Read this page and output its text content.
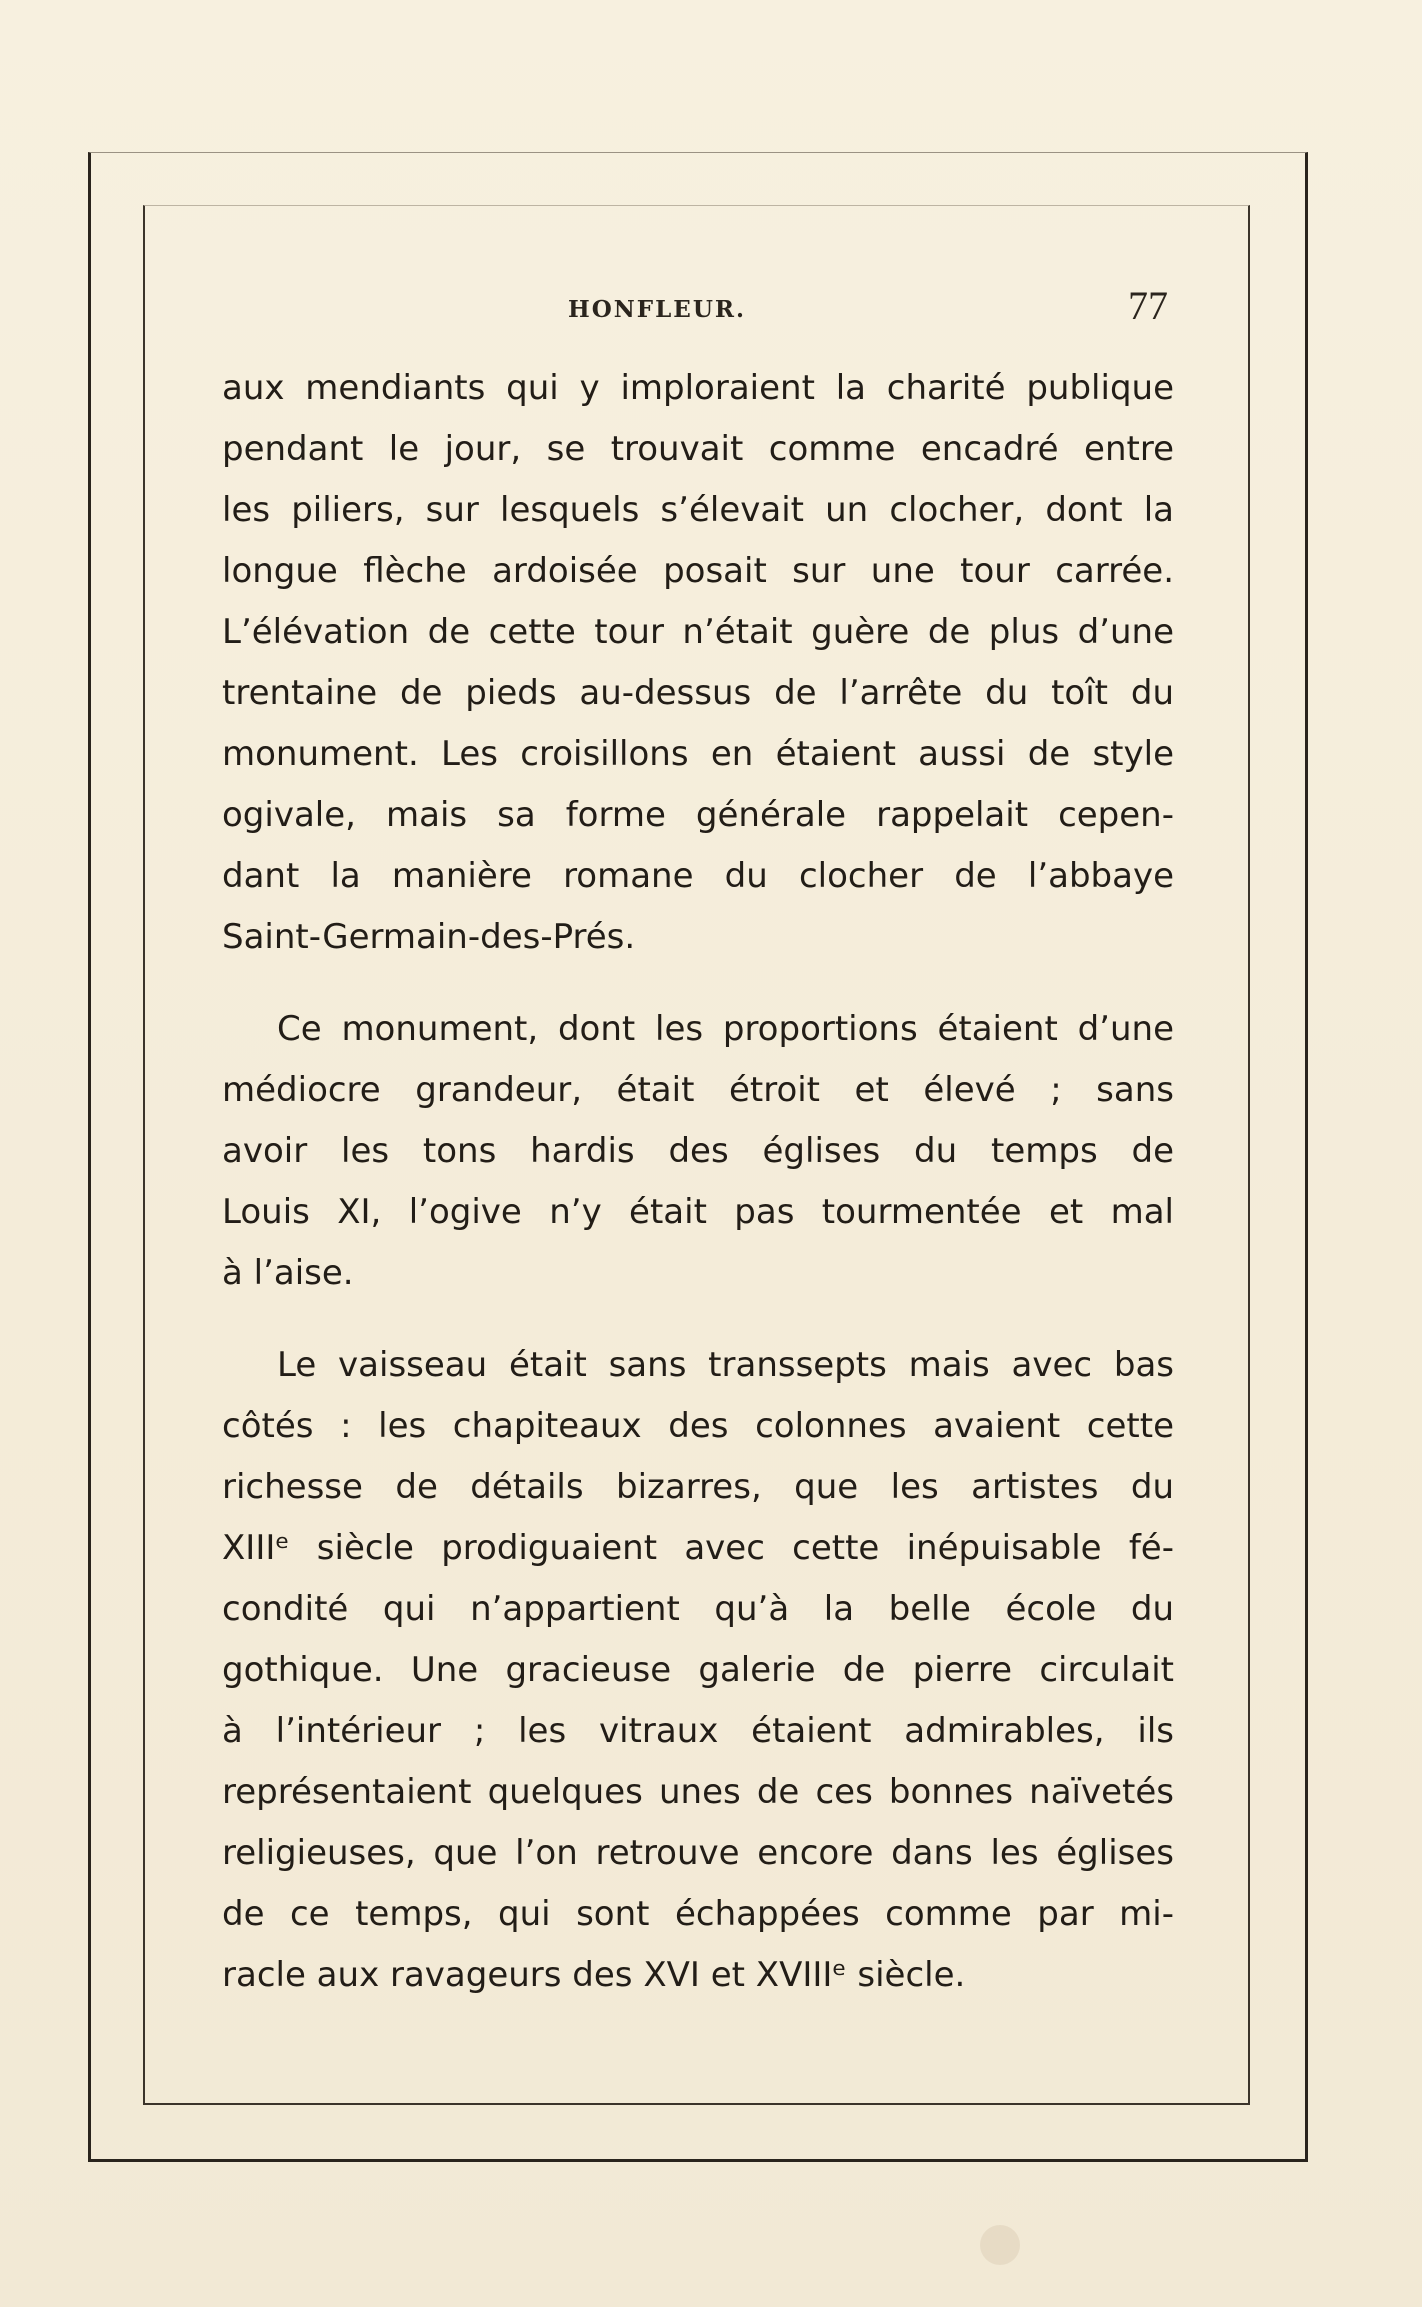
HONFLEUR.	77
aux mendiants qui y imploraient la charité publique
pendant le jour, se trouvait comme encadré entre
les piliers, sur lesquels s’élevait un clocher, dont la
longue flèche ardoisée posait sur une tour carrée.
L’élévation de cette tour n’était guère de plus d’une
trentaine de pieds au-dessus de l’arrête du toît du
monument. Les croisillons en étaient aussi de style
ogivale, mais sa forme générale rappelait cepen-
dant la manière romane du clocher de l’abbaye
Saint-Germain-des-Prés.
Ce monument, dont les proportions étaient d’une
médiocre grandeur, était étroit et élevé ; sans
avoir les tons hardis des églises du temps de
Louis XI, l’ogive n’y était pas tourmentée et mal
à l’aise.
Le vaisseau était sans transsepts mais avec bas
côtés : les chapiteaux des colonnes avaient cette
richesse de détails bizarres, que les artistes du
XIIIᵉ siècle prodiguaient avec cette inépuisable fé-
condité qui n’appartient qu’à la belle école du
gothique. Une gracieuse galerie de pierre circulait
à l’intérieur ; les vitraux étaient admirables, ils
représentaient quelques unes de ces bonnes naïvetés
religieuses, que l’on retrouve encore dans les églises
de ce temps, qui sont échappées comme par mi-
racle aux ravageurs des XVI et XVIIIᵉ siècle.
